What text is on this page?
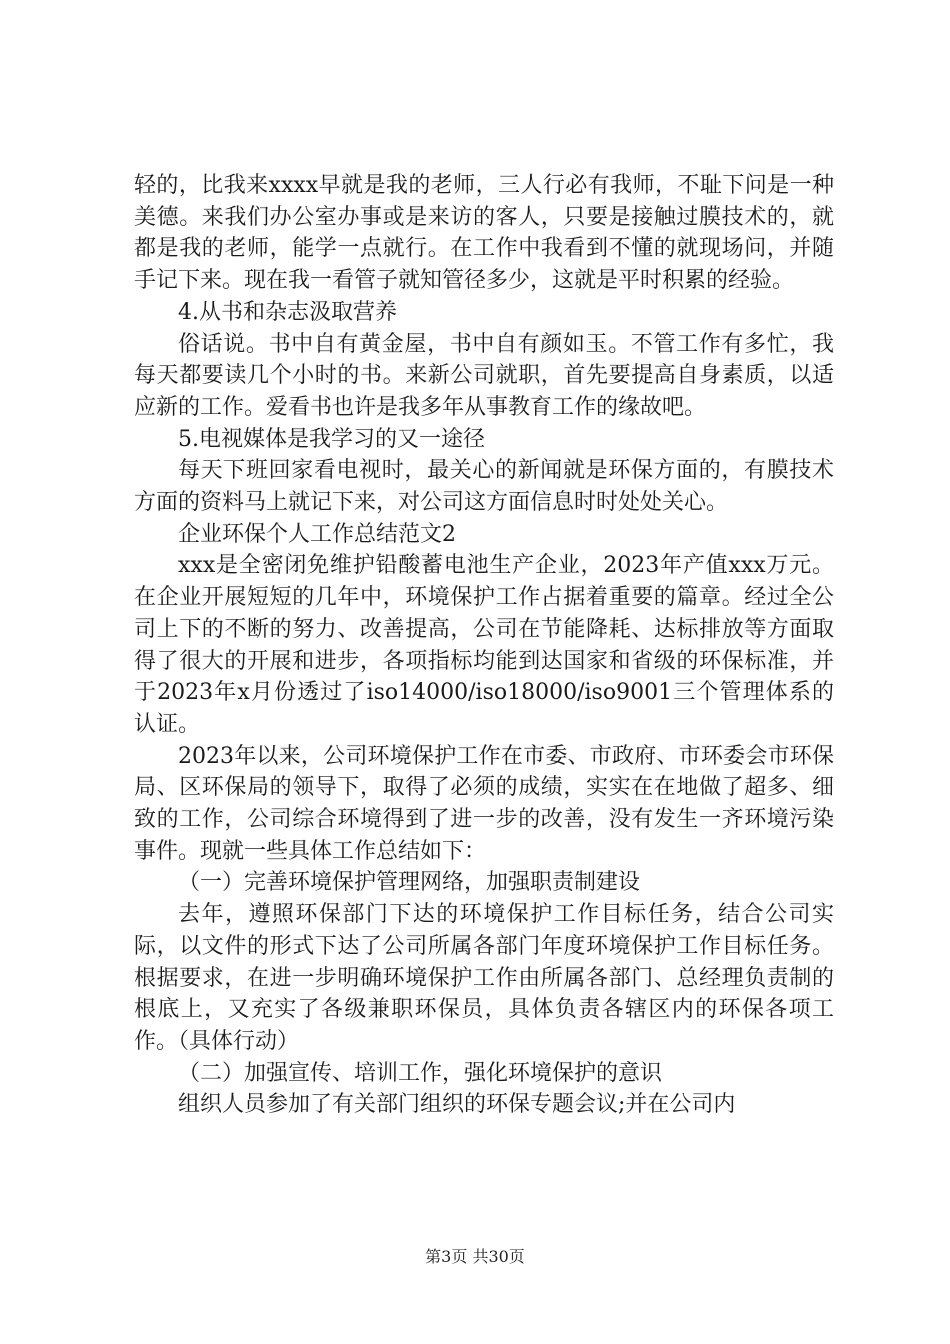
轻的，比我来xxxx早就是我的老师，三人行必有我师，不耻下问是一种美德。来我们办公室办事或是来访的客人，只要是接触过膜技术的，就都是我的老师，能学一点就行。在工作中我看到不懂的就现场问，并随手记下来。现在我一看管子就知管径多少，这就是平时积累的经验。

4.从书和杂志汲取营养

俗话说。书中自有黄金屋，书中自有颜如玉。不管工作有多忙，我每天都要读几个小时的书。来新公司就职，首先要提高自身素质，以适应新的工作。爱看书也许是我多年从事教育工作的缘故吧。

5.电视媒体是我学习的又一途径

每天下班回家看电视时，最关心的新闻就是环保方面的，有膜技术方面的资料马上就记下来，对公司这方面信息时时处处关心。

企业环保个人工作总结范文2

xxx是全密闭免维护铅酸蓄电池生产企业，2023年产值xxx万元。在企业开展短短的几年中，环境保护工作占据着重要的篇章。经过全公司上下的不断的努力、改善提高，公司在节能降耗、达标排放等方面取得了很大的开展和进步，各项指标均能到达国家和省级的环保标准，并于2023年x月份透过了iso14000/iso18000/iso9001三个管理体系的认证。

2023年以来，公司环境保护工作在市委、市政府、市环委会市环保局、区环保局的领导下，取得了必须的成绩，实实在在地做了超多、细致的工作，公司综合环境得到了进一步的改善，没有发生一齐环境污染事件。现就一些具体工作总结如下：

（一）完善环境保护管理网络，加强职责制建设

去年，遵照环保部门下达的环境保护工作目标任务，结合公司实际，以文件的形式下达了公司所属各部门年度环境保护工作目标任务。根据要求，在进一步明确环境保护工作由所属各部门、总经理负责制的根底上，又充实了各级兼职环保员，具体负责各辖区内的环保各项工作。（具体行动）

（二）加强宣传、培训工作，强化环境保护的意识

组织人员参加了有关部门组织的环保专题会议;并在公司内

第3页 共30页
